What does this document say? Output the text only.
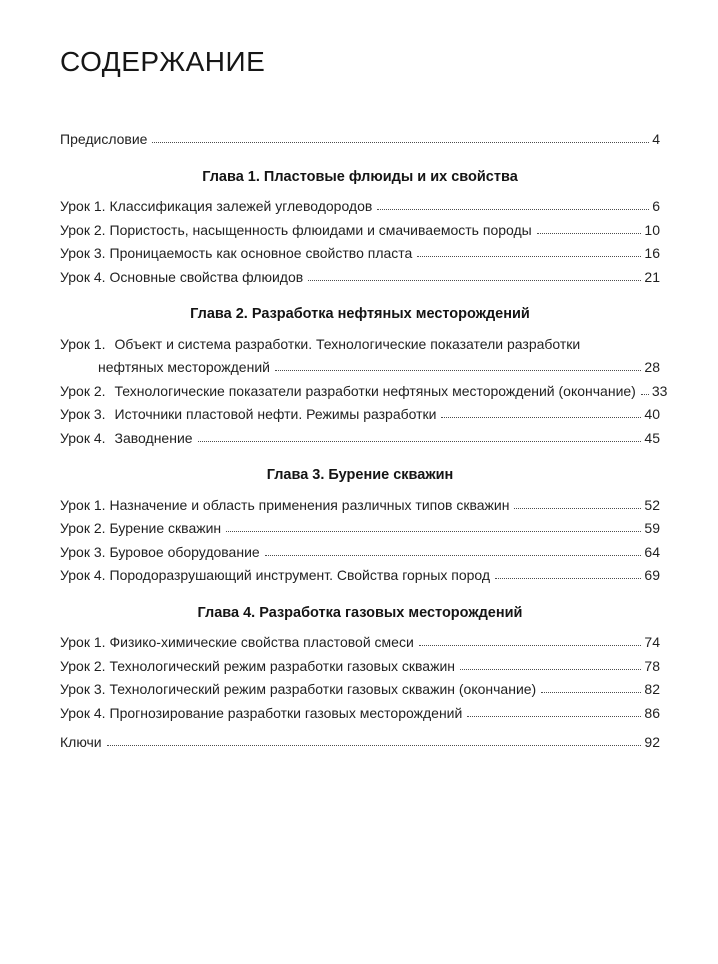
СОДЕРЖАНИЕ
Предисловие	4
Глава 1. Пластовые флюиды и их свойства
Урок 1. Классификация залежей углеводородов	6
Урок 2. Пористость, насыщенность флюидами и смачиваемость породы	10
Урок 3. Проницаемость как основное свойство пласта	16
Урок 4. Основные свойства флюидов	21
Глава 2. Разработка нефтяных месторождений
Урок 1. Объект и система разработки. Технологические показатели разработки
нефтяных месторождений	28
Урок 2. Технологические показатели разработки нефтяных месторождений (окончание) 33
Урок 3. Источники пластовой нефти. Режимы разработки	40
Урок 4. Заводнение	45
Глава 3. Бурение скважин
Урок 1. Назначение и область применения различных типов скважин	52
Урок 2. Бурение скважин	59
Урок 3. Буровое оборудование	64
Урок 4. Породоразрушающий инструмент. Свойства горных пород	69
Глава 4. Разработка газовых месторождений
Урок 1. Физико-химические свойства пластовой смеси	74
Урок 2. Технологический режим разработки газовых скважин	78
Урок 3. Технологический режим разработки газовых скважин (окончание)	82
Урок 4. Прогнозирование разработки газовых месторождений	86
Ключи	92
